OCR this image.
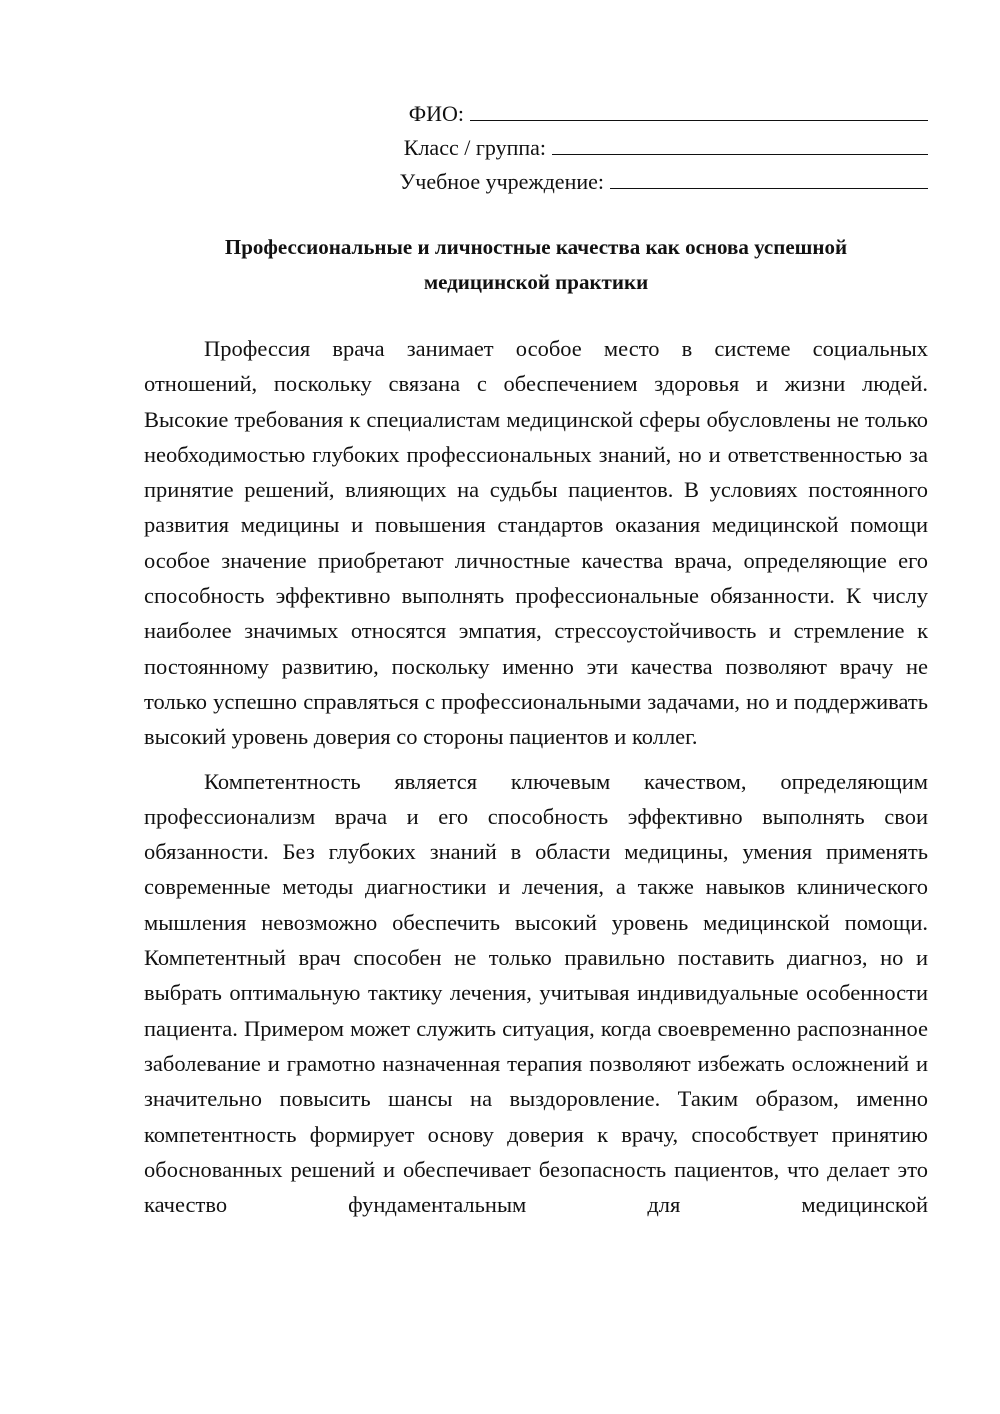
ФИО:
Класс / группа:
Учебное учреждение:
Профессиональные и личностные качества как основа успешной
медицинской практики

Профессия врача занимает особое место в системе социальных отношений, поскольку связана с обеспечением здоровья и жизни людей. Высокие требования к специалистам медицинской сферы обусловлены не только необходимостью глубоких профессиональных знаний, но и ответственностью за принятие решений, влияющих на судьбы пациентов. В условиях постоянного развития медицины и повышения стандартов оказания медицинской помощи особое значение приобретают личностные качества врача, определяющие его способность эффективно выполнять профессиональные обязанности. К числу наиболее значимых относятся эмпатия, стрессоустойчивость и стремление к постоянному развитию, поскольку именно эти качества позволяют врачу не только успешно справляться с профессиональными задачами, но и поддерживать высокий уровень доверия со стороны пациентов и коллег.

Компетентность является ключевым качеством, определяющим профессионализм врача и его способность эффективно выполнять свои обязанности. Без глубоких знаний в области медицины, умения применять современные методы диагностики и лечения, а также навыков клинического мышления невозможно обеспечить высокий уровень медицинской помощи. Компетентный врач способен не только правильно поставить диагноз, но и выбрать оптимальную тактику лечения, учитывая индивидуальные особенности пациента. Примером может служить ситуация, когда своевременно распознанное заболевание и грамотно назначенная терапия позволяют избежать осложнений и значительно повысить шансы на выздоровление. Таким образом, именно компетентность формирует основу доверия к врачу, способствует принятию обоснованных решений и обеспечивает безопасность пациентов, что делает это качество фундаментальным для медицинской
